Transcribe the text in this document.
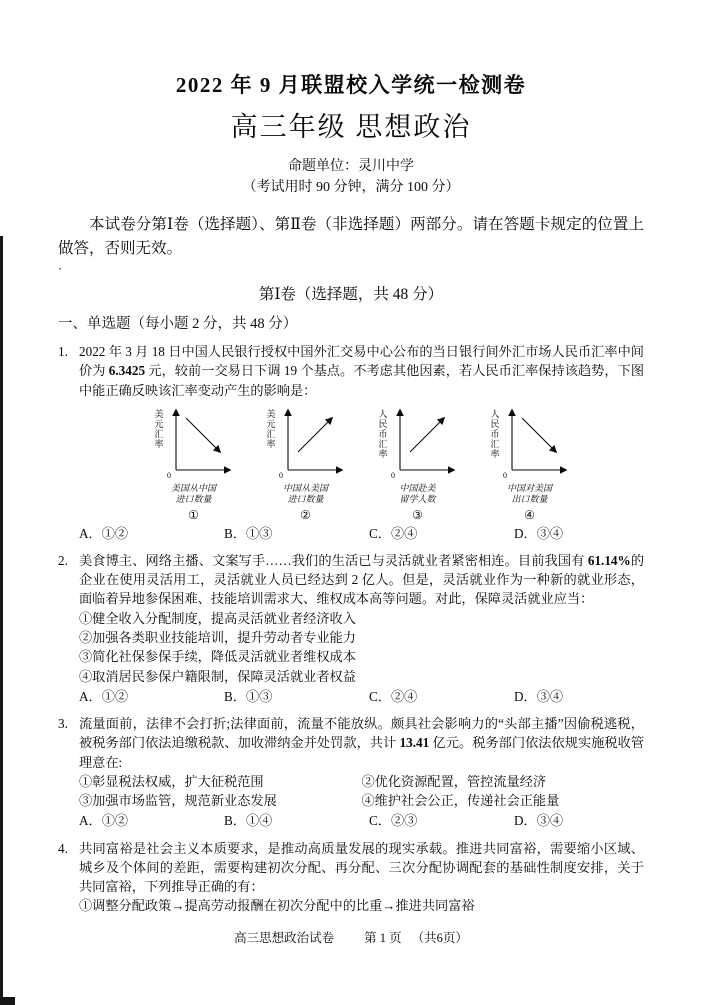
2022 年 9 月联盟校入学统一检测卷
高三年级 思想政治
命题单位：灵川中学
（考试用时 90 分钟，满分 100 分）

本试卷分第Ⅰ卷（选择题）、第Ⅱ卷（非选择题）两部分。请在答题卡规定的位置上做答，否则无效。

·
第Ⅰ卷（选择题，共 48 分）
一、单选题（每小题 2 分，共 48 分）
1. 2022 年 3 月 18 日中国人民银行授权中国外汇交易中心公布的当日银行间外汇市场人民币汇率中间价为 6.3425 元，较前一交易日下调 19 个基点。不考虑其他因素，若人民币汇率保持该趋势，下图中能正确反映该汇率变动产生的影响是：

美元汇率
0
美国从中国
进口数量
①
美元汇率
0
中国从美国
进口数量
②
人民币汇率
0
中国赴美
留学人数
③
人民币汇率
0
中国对美国
出口数量
④
A．①②	B．①③	C．②④	D．③④
2. 美食博主、网络主播、文案写手……我们的生活已与灵活就业者紧密相连。目前我国有 61.14%的企业在使用灵活用工，灵活就业人员已经达到 2 亿人。但是，灵活就业作为一种新的就业形态，面临着异地参保困难、技能培训需求大、维权成本高等问题。对此，保障灵活就业应当：

①健全收入分配制度，提高灵活就业者经济收入
②加强各类职业技能培训，提升劳动者专业能力
③简化社保参保手续，降低灵活就业者维权成本
④取消居民参保户籍限制，保障灵活就业者权益
A．①②	B．①③	C．②④	D．③④
3. 流量面前，法律不会打折;法律面前，流量不能放纵。颇具社会影响力的“头部主播”因偷税逃税，被税务部门依法追缴税款、加收滞纳金并处罚款，共计 13.41 亿元。税务部门依法依规实施税收管理意在:

①彰显税法权威，扩大征税范围	②优化资源配置，管控流量经济
③加强市场监管，规范新业态发展	④维护社会公正，传递社会正能量
A．①②	B．①④	C．②③	D．③④
4. 共同富裕是社会主义本质要求，是推动高质量发展的现实承载。推进共同富裕，需要缩小区域、城乡及个体间的差距，需要构建初次分配、再分配、三次分配协调配套的基础性制度安排，关于共同富裕，下列推导正确的有：

①调整分配政策→提高劳动报酬在初次分配中的比重→推进共同富裕
高三思想政治试卷 第 1 页 （共6页）
